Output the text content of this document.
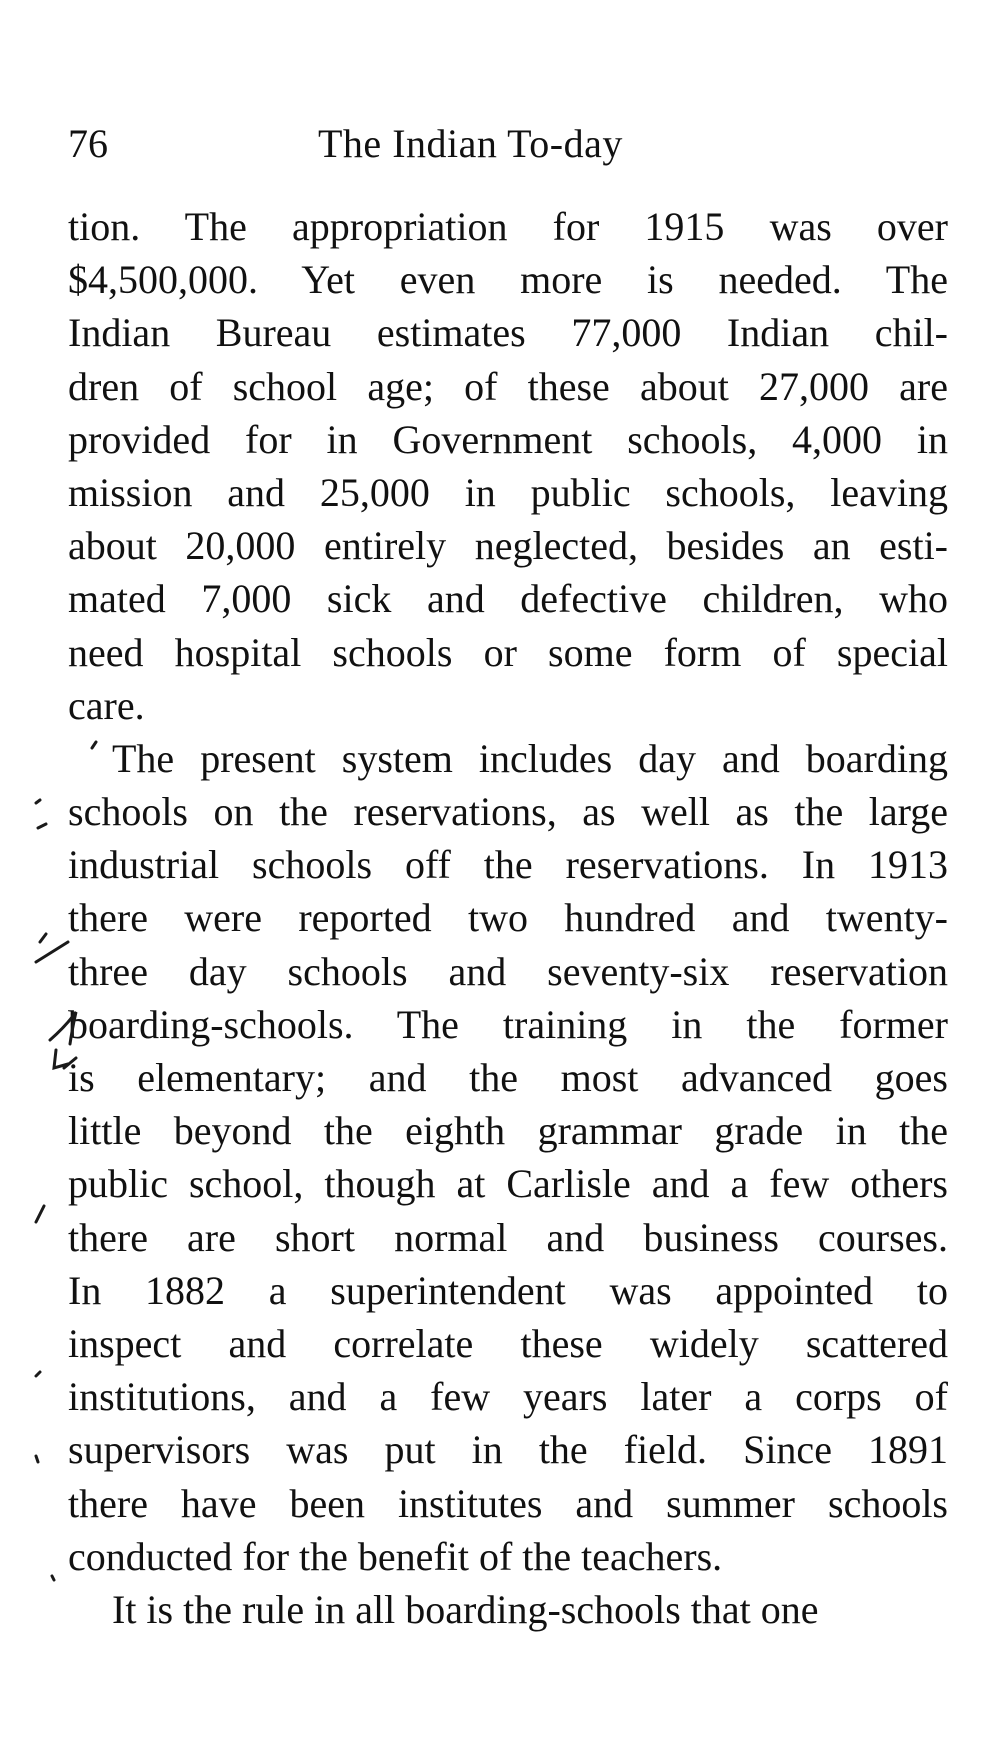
76	The Indian To-day
tion. The appropriation for 1915 was over
$4,500,000. Yet even more is needed. The
Indian Bureau estimates 77,000 Indian chil-
dren of school age; of these about 27,000 are
provided for in Government schools, 4,000 in
mission and 25,000 in public schools, leaving
about 20,000 entirely neglected, besides an esti-
mated 7,000 sick and defective children, who
need hospital schools or some form of special
care.
The present system includes day and boarding
schools on the reservations, as well as the large
industrial schools off the reservations. In 1913
there were reported two hundred and twenty-
three day schools and seventy-six reservation
boarding-schools. The training in the former
is elementary; and the most advanced goes
little beyond the eighth grammar grade in the
public school, though at Carlisle and a few others
there are short normal and business courses.
In 1882 a superintendent was appointed to
inspect and correlate these widely scattered
institutions, and a few years later a corps of
supervisors was put in the field. Since 1891
there have been institutes and summer schools
conducted for the benefit of the teachers.
It is the rule in all boarding-schools that one
